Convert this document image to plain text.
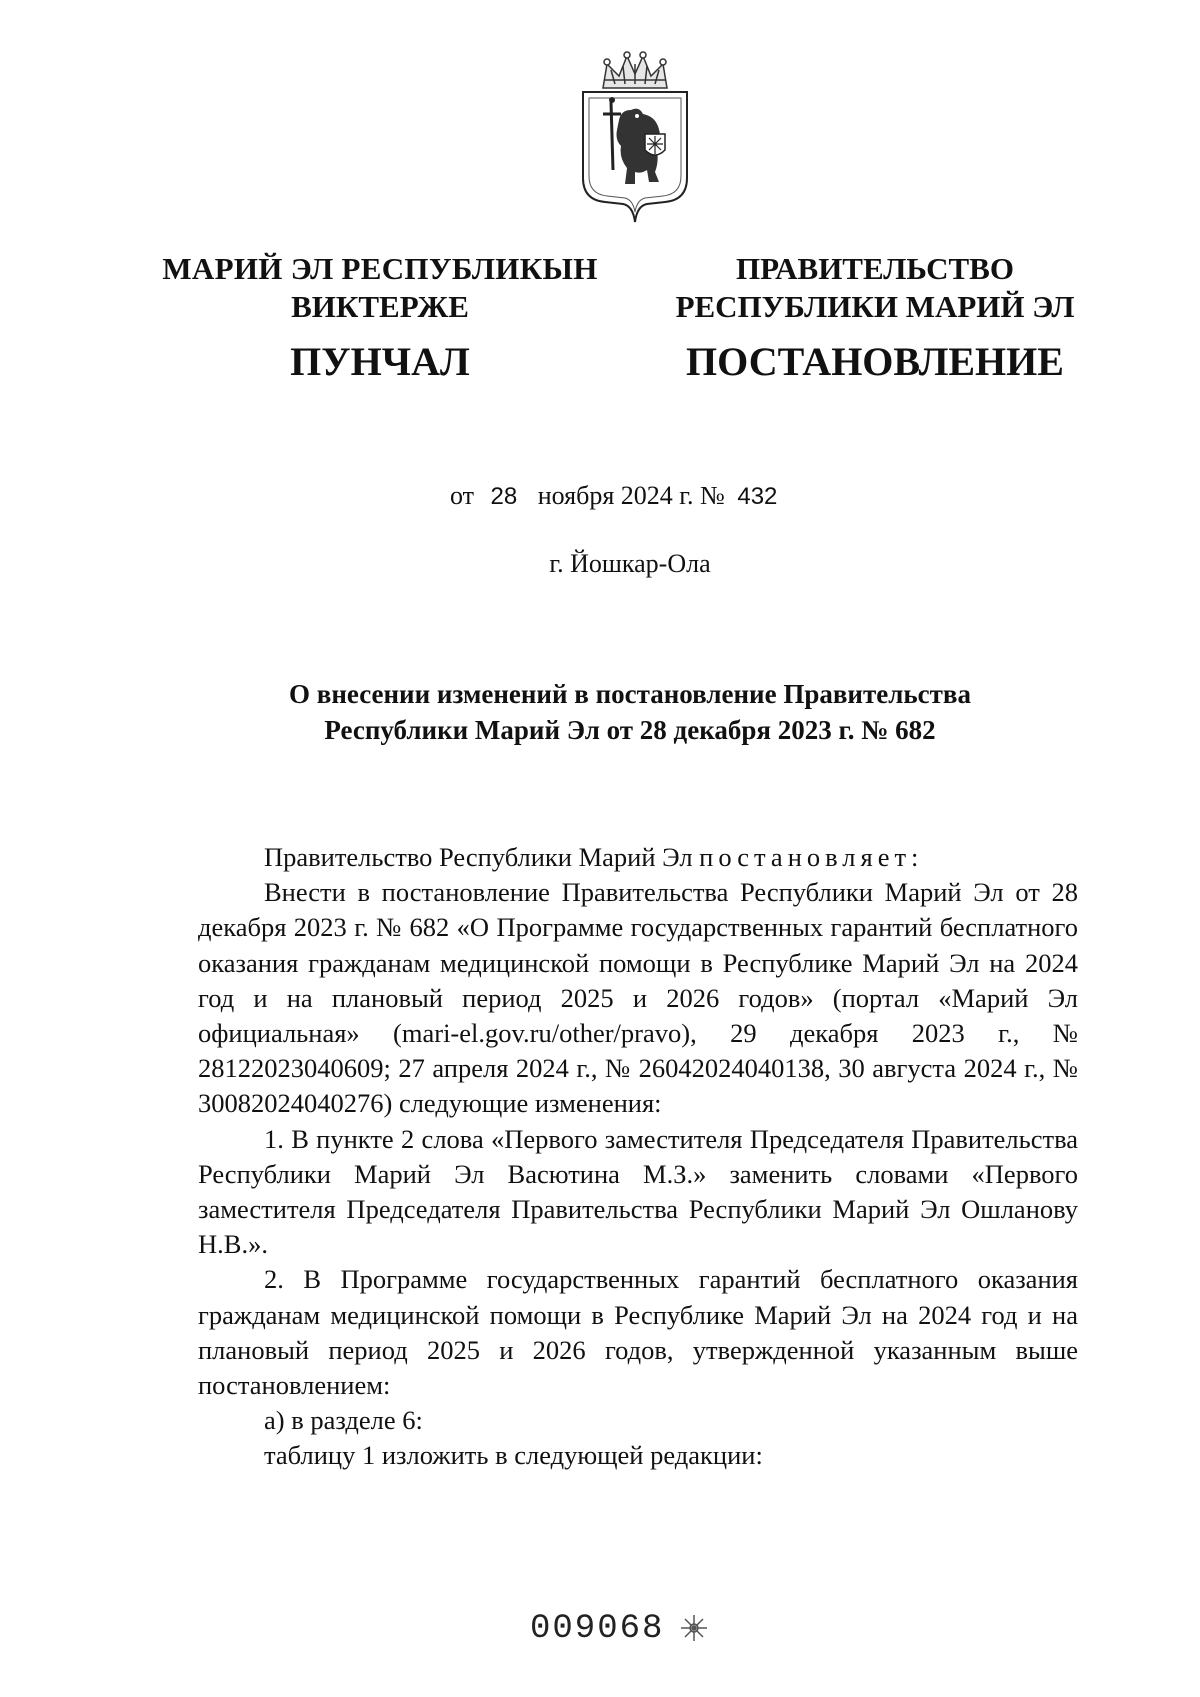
МАРИЙ ЭЛ РЕСПУБЛИКЫН
ВИКТЕРЖЕ
ПУНЧАЛ
ПРАВИТЕЛЬСТВО
РЕСПУБЛИКИ МАРИЙ ЭЛ
ПОСТАНОВЛЕНИЕ
от 28 ноября 2024 г. № 432
г. Йошкар-Ола
О внесении изменений в постановление Правительства
Республики Марий Эл от 28 декабря 2023 г. № 682

Правительство Республики Марий Эл постановляет:

Внести в постановление Правительства Республики Марий Эл от 28 декабря 2023 г. № 682 «О Программе государственных гарантий бесплатного оказания гражданам медицинской помощи в Республике Марий Эл на 2024 год и на плановый период 2025 и 2026 годов» (портал «Марий Эл официальная» (mari-el.gov.ru/other/pravo), 29 декабря 2023 г., № 28122023040609; 27 апреля 2024 г., № 26042024040138, 30 августа 2024 г., № 30082024040276) следующие изменения:

1. В пункте 2 слова «Первого заместителя Председателя Правительства Республики Марий Эл Васютина М.З.» заменить словами «Первого заместителя Председателя Правительства Республики Марий Эл Ошланову Н.В.».

2. В Программе государственных гарантий бесплатного оказания гражданам медицинской помощи в Республике Марий Эл на 2024 год и на плановый период 2025 и 2026 годов, утвержденной указанным выше постановлением:

а) в разделе 6:

таблицу 1 изложить в следующей редакции:

009068
